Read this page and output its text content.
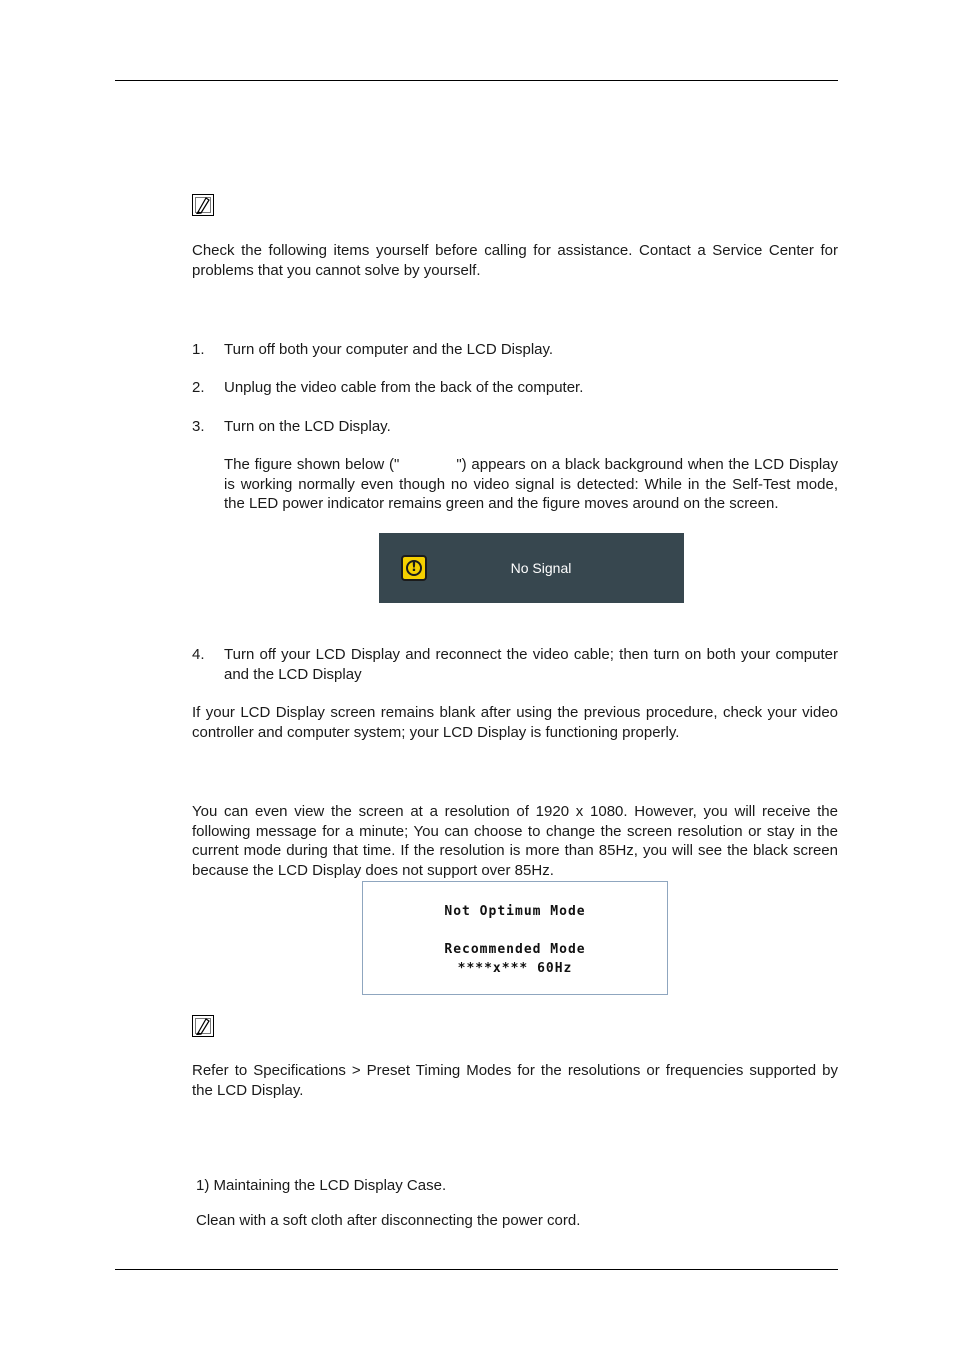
Check the following items yourself before calling for assistance. Contact a Service Center for problems that you cannot solve by yourself.

1.	Turn off both your computer and the LCD Display.
2.	Unplug the video cable from the back of the computer.
3.	Turn on the LCD Display.

The figure shown below ("            ") appears on a black background when the LCD Display is working normally even though no video signal is detected: While in the Self-Test mode, the LED power indicator remains green and the figure moves around on the screen.

!
No Signal
4.	Turn off your LCD Display and reconnect the video cable; then turn on both your computer and the LCD Display

If your LCD Display screen remains blank after using the previous procedure, check your video controller and computer system; your LCD Display is functioning properly.

You can even view the screen at a resolution of 1920 x 1080. However, you will receive the following message for a minute; You can choose to change the screen resolution or stay in the current mode during that time. If the resolution is more than 85Hz, you will see the black screen because the LCD Display does not support over 85Hz.

Not Optimum Mode
Recommended Mode
****x*** 60Hz

Refer to Specifications > Preset Timing Modes for the resolutions or frequencies supported by the LCD Display.

1) Maintaining the LCD Display Case.

Clean with a soft cloth after disconnecting the power cord.
